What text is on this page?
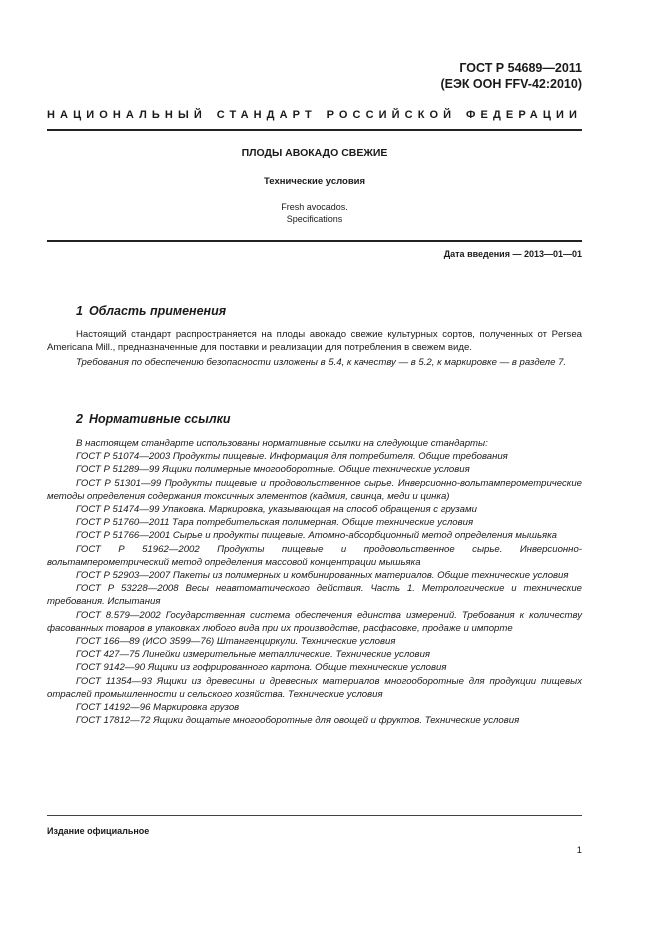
ГОСТ Р 54689—2011
(ЕЭК ООН FFV-42:2010)
НАЦИОНАЛЬНЫЙ СТАНДАРТ РОССИЙСКОЙ ФЕДЕРАЦИИ
ПЛОДЫ АВОКАДО СВЕЖИЕ
Технические условия
Fresh avocados.
Specifications
Дата введения — 2013—01—01
1 Область применения

Настоящий стандарт распространяется на плоды авокадо свежие культурных сортов, полученных от Persea Americana Mill., предназначенные для поставки и реализации для потребления в свежем виде.

Требования по обеспечению безопасности изложены в 5.4, к качеству — в 5.2, к маркировке — в разделе 7.

2 Нормативные ссылки

В настоящем стандарте использованы нормативные ссылки на следующие стандарты:

ГОСТ Р 51074—2003 Продукты пищевые. Информация для потребителя. Общие требования

ГОСТ Р 51289—99 Ящики полимерные многооборотные. Общие технические условия

ГОСТ Р 51301—99 Продукты пищевые и продовольственное сырье. Инверсионно-вольтамперометрические методы определения содержания токсичных элементов (кадмия, свинца, меди и цинка)

ГОСТ Р 51474—99 Упаковка. Маркировка, указывающая на способ обращения с грузами

ГОСТ Р 51760—2011 Тара потребительская полимерная. Общие технические условия

ГОСТ Р 51766—2001 Сырье и продукты пищевые. Атомно-абсорбционный метод определения мышьяка

ГОСТ Р 51962—2002 Продукты пищевые и продовольственное сырье. Инверсионно-вольтамперометрический метод определения массовой концентрации мышьяка

ГОСТ Р 52903—2007 Пакеты из полимерных и комбинированных материалов. Общие технические условия

ГОСТ Р 53228—2008 Весы неавтоматического действия. Часть 1. Метрологические и технические требования. Испытания

ГОСТ 8.579—2002 Государственная система обеспечения единства измерений. Требования к количеству фасованных товаров в упаковках любого вида при их производстве, расфасовке, продаже и импорте

ГОСТ 166—89 (ИСО 3599—76) Штангенциркули. Технические условия

ГОСТ 427—75 Линейки измерительные металлические. Технические условия

ГОСТ 9142—90 Ящики из гофрированного картона. Общие технические условия

ГОСТ 11354—93 Ящики из древесины и древесных материалов многооборотные для продукции пищевых отраслей промышленности и сельского хозяйства. Технические условия

ГОСТ 14192—96 Маркировка грузов

ГОСТ 17812—72 Ящики дощатые многооборотные для овощей и фруктов. Технические условия

Издание официальное
1
